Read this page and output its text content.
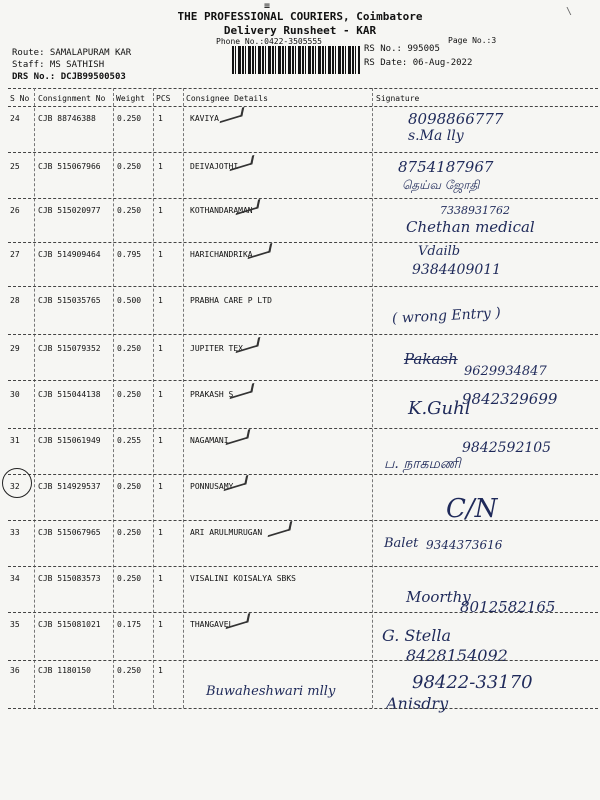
≡	\
THE PROFESSIONAL COURIERS, Coimbatore
Delivery Runsheet - KAR
Phone No.:0422-3505555	Page No.:3
Route: SAMALAPURAM KAR
Staff: MS SATHISH
DRS No.: DCJB99500503
RS No.: 995005
RS Date: 06-Aug-2022
S No Consignment No Weight PCS Consignee Details	Signature
24 CJB 88746388	0.250 1	KAVIYA	8098866777
s.Ma lly
25 CJB 515067966 0.250 1	DEIVAJOTHI	8754187967
தெய்வ ஜோதி
26 CJB 515020977 0.250 1	KOTHANDARAMAN	7338931762
Chethan medical
27 CJB 514909464 0.795 1	HARICHANDRIKA	Vdailb
9384409011
28 CJB 515035765 0.500 1	PRABHA CARE P LTD
( wrong Entry )
29 CJB 515079352 0.250 1	JUPITER TEX
Pakash
9629934847
30 CJB 515044138 0.250 1	PRAKASH S
K.Guhl
9842329699
31 CJB 515061949 0.255 1	NAGAMANI	9842592105
ப. நாகமணி
32 CJB 514929537 0.250 1	PONNUSAMY
C/N
33 CJB 515067965 0.250 1	ARI ARULMURUGAN
Balet 9344373616
34 CJB 515083573 0.250 1	VISALINI KOISALYA SBKS
Moorthy
8012582165
35 CJB 515081021 0.175 1	THANGAVEL
G. Stella
8428154092
36 CJB 1180150	0.250 1
Buwaheshwari mlly	98422-33170
Anisdry
